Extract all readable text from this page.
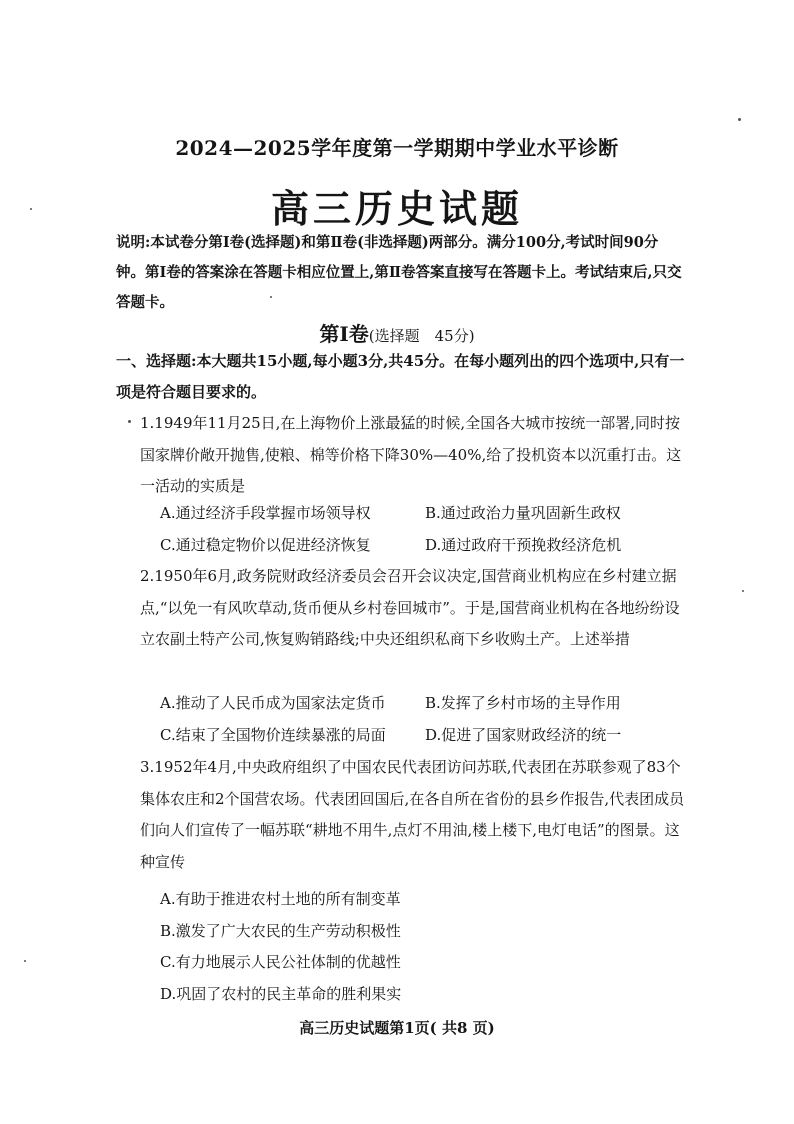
2024—2025学年度第一学期期中学业水平诊断
高三历史试题
说明:本试卷分第Ⅰ卷(选择题)和第Ⅱ卷(非选择题)两部分。满分100分,考试时间90分钟。第Ⅰ卷的答案涂在答题卡相应位置上,第Ⅱ卷答案直接写在答题卡上。考试结束后,只交答题卡。
第Ⅰ卷(选择题　45分)
一、选择题:本大题共15小题,每小题3分,共45分。在每小题列出的四个选项中,只有一项是符合题目要求的。
1.1949年11月25日,在上海物价上涨最猛的时候,全国各大城市按统一部署,同时按国家牌价敞开抛售,使粮、棉等价格下降30%—40%,给了投机资本以沉重打击。这一活动的实质是
A.通过经济手段掌握市场领导权	B.通过政治力量巩固新生政权
C.通过稳定物价以促进经济恢复	D.通过政府干预挽救经济危机
2.1950年6月,政务院财政经济委员会召开会议决定,国营商业机构应在乡村建立据点,“以免一有风吹草动,货币便从乡村卷回城市”。于是,国营商业机构在各地纷纷设立农副土特产公司,恢复购销路线;中央还组织私商下乡收购土产。上述举措
A.推动了人民币成为国家法定货币	B.发挥了乡村市场的主导作用
C.结束了全国物价连续暴涨的局面	D.促进了国家财政经济的统一
3.1952年4月,中央政府组织了中国农民代表团访问苏联,代表团在苏联参观了83个集体农庄和2个国营农场。代表团回国后,在各自所在省份的县乡作报告,代表团成员们向人们宣传了一幅苏联“耕地不用牛,点灯不用油,楼上楼下,电灯电话”的图景。这种宣传
A.有助于推进农村土地的所有制变革
B.激发了广大农民的生产劳动积极性
C.有力地展示人民公社体制的优越性
D.巩固了农村的民主革命的胜利果实
高三历史试题第1页( 共8 页)
